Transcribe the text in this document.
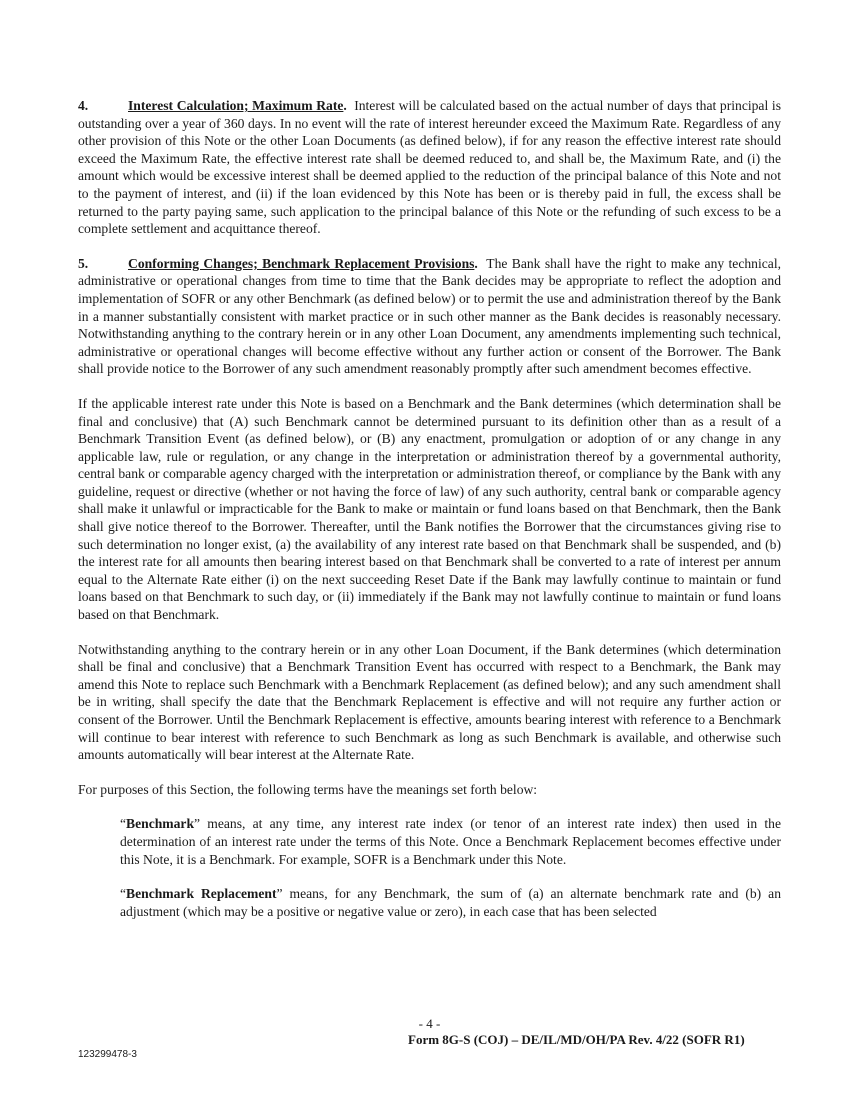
4.	Interest Calculation; Maximum Rate. Interest will be calculated based on the actual number of days that principal is outstanding over a year of 360 days. In no event will the rate of interest hereunder exceed the Maximum Rate. Regardless of any other provision of this Note or the other Loan Documents (as defined below), if for any reason the effective interest rate should exceed the Maximum Rate, the effective interest rate shall be deemed reduced to, and shall be, the Maximum Rate, and (i) the amount which would be excessive interest shall be deemed applied to the reduction of the principal balance of this Note and not to the payment of interest, and (ii) if the loan evidenced by this Note has been or is thereby paid in full, the excess shall be returned to the party paying same, such application to the principal balance of this Note or the refunding of such excess to be a complete settlement and acquittance thereof.

5.	Conforming Changes; Benchmark Replacement Provisions. The Bank shall have the right to make any technical, administrative or operational changes from time to time that the Bank decides may be appropriate to reflect the adoption and implementation of SOFR or any other Benchmark (as defined below) or to permit the use and administration thereof by the Bank in a manner substantially consistent with market practice or in such other manner as the Bank decides is reasonably necessary. Notwithstanding anything to the contrary herein or in any other Loan Document, any amendments implementing such technical, administrative or operational changes will become effective without any further action or consent of the Borrower. The Bank shall provide notice to the Borrower of any such amendment reasonably promptly after such amendment becomes effective.

If the applicable interest rate under this Note is based on a Benchmark and the Bank determines (which determination shall be final and conclusive) that (A) such Benchmark cannot be determined pursuant to its definition other than as a result of a Benchmark Transition Event (as defined below), or (B) any enactment, promulgation or adoption of or any change in any applicable law, rule or regulation, or any change in the interpretation or administration thereof by a governmental authority, central bank or comparable agency charged with the interpretation or administration thereof, or compliance by the Bank with any guideline, request or directive (whether or not having the force of law) of any such authority, central bank or comparable agency shall make it unlawful or impracticable for the Bank to make or maintain or fund loans based on that Benchmark, then the Bank shall give notice thereof to the Borrower. Thereafter, until the Bank notifies the Borrower that the circumstances giving rise to such determination no longer exist, (a) the availability of any interest rate based on that Benchmark shall be suspended, and (b) the interest rate for all amounts then bearing interest based on that Benchmark shall be converted to a rate of interest per annum equal to the Alternate Rate either (i) on the next succeeding Reset Date if the Bank may lawfully continue to maintain or fund loans based on that Benchmark to such day, or (ii) immediately if the Bank may not lawfully continue to maintain or fund loans based on that Benchmark.

Notwithstanding anything to the contrary herein or in any other Loan Document, if the Bank determines (which determination shall be final and conclusive) that a Benchmark Transition Event has occurred with respect to a Benchmark, the Bank may amend this Note to replace such Benchmark with a Benchmark Replacement (as defined below); and any such amendment shall be in writing, shall specify the date that the Benchmark Replacement is effective and will not require any further action or consent of the Borrower. Until the Benchmark Replacement is effective, amounts bearing interest with reference to a Benchmark will continue to bear interest with reference to such Benchmark as long as such Benchmark is available, and otherwise such amounts automatically will bear interest at the Alternate Rate.

For purposes of this Section, the following terms have the meanings set forth below:

“Benchmark” means, at any time, any interest rate index (or tenor of an interest rate index) then used in the determination of an interest rate under the terms of this Note. Once a Benchmark Replacement becomes effective under this Note, it is a Benchmark. For example, SOFR is a Benchmark under this Note.

“Benchmark Replacement” means, for any Benchmark, the sum of (a) an alternate benchmark rate and (b) an adjustment (which may be a positive or negative value or zero), in each case that has been selected

- 4 -
Form 8G-S (COJ) – DE/IL/MD/OH/PA Rev. 4/22 (SOFR R1)
123299478-3
